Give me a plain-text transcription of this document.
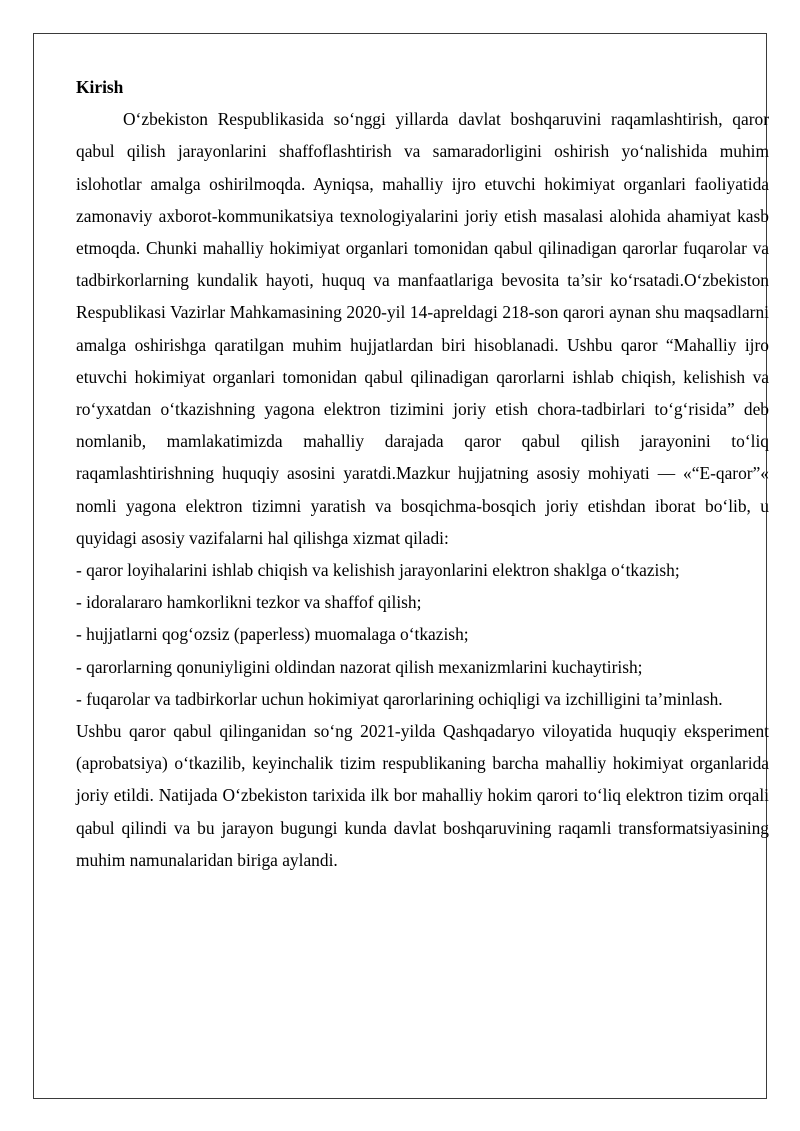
Kirish

O‘zbekiston Respublikasida so‘nggi yillarda davlat boshqaruvini raqamlashtirish, qaror qabul qilish jarayonlarini shaffoflashtirish va samaradorligini oshirish yo‘nalishida muhim islohotlar amalga oshirilmoqda. Ayniqsa, mahalliy ijro etuvchi hokimiyat organlari faoliyatida zamonaviy axborot-kommunikatsiya texnologiyalarini joriy etish masalasi alohida ahamiyat kasb etmoqda. Chunki mahalliy hokimiyat organlari tomonidan qabul qilinadigan qarorlar fuqarolar va tadbirkorlarning kundalik hayoti, huquq va manfaatlariga bevosita ta’sir ko‘rsatadi.O‘zbekiston Respublikasi Vazirlar Mahkamasining 2020-yil 14-apreldagi 218-son qarori aynan shu maqsadlarni amalga oshirishga qaratilgan muhim hujjatlardan biri hisoblanadi. Ushbu qaror “Mahalliy ijro etuvchi hokimiyat organlari tomonidan qabul qilinadigan qarorlarni ishlab chiqish, kelishish va ro‘yxatdan o‘tkazishning yagona elektron tizimini joriy etish chora-tadbirlari to‘g‘risida” deb nomlanib, mamlakatimizda mahalliy darajada qaror qabul qilish jarayonini to‘liq raqamlashtirishning huquqiy asosini yaratdi.Mazkur hujjatning asosiy mohiyati — «“E-qaror”« nomli yagona elektron tizimni yaratish va bosqichma-bosqich joriy etishdan iborat bo‘lib, u quyidagi asosiy vazifalarni hal qilishga xizmat qiladi:

- qaror loyihalarini ishlab chiqish va kelishish jarayonlarini elektron shaklga o‘tkazish;
- idoralararo hamkorlikni tezkor va shaffof qilish;
- hujjatlarni qog‘ozsiz (paperless) muomalaga o‘tkazish;
- qarorlarning qonuniyligini oldindan nazorat qilish mexanizmlarini kuchaytirish;
- fuqarolar va tadbirkorlar uchun hokimiyat qarorlarining ochiqligi va izchilligini ta’minlash.

Ushbu qaror qabul qilinganidan so‘ng 2021-yilda Qashqadaryo viloyatida huquqiy eksperiment (aprobatsiya) o‘tkazilib, keyinchalik tizim respublikaning barcha mahalliy hokimiyat organlarida joriy etildi. Natijada O‘zbekiston tarixida ilk bor mahalliy hokim qarori to‘liq elektron tizim orqali qabul qilindi va bu jarayon bugungi kunda davlat boshqaruvining raqamli transformatsiyasining muhim namunalaridan biriga aylandi.
